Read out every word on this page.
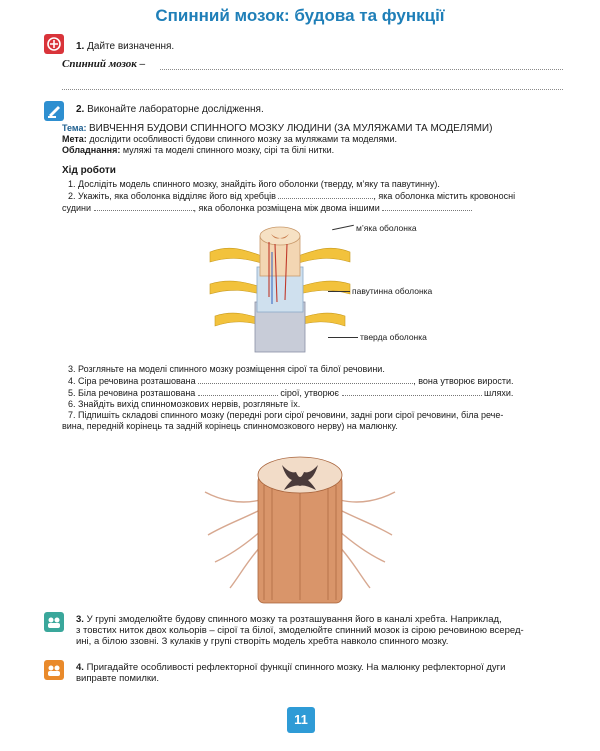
Спинний мозок: будова та функції
1. Дайте визначення.
Спинний мозок –
2. Виконайте лабораторне дослідження.

Тема: ВИВЧЕННЯ БУДОВИ СПИННОГО МОЗКУ ЛЮДИНИ (ЗА МУЛЯЖАМИ ТА МОДЕЛЯМИ)

Мета: дослідити особливості будови спинного мозку за муляжами та моделями.

Обладнання: муляжі та моделі спинного мозку, сірі та білі нитки.

Хід роботи

1. Дослідіть модель спинного мозку, знайдіть його оболонки (тверду, м’яку та павутинну).

2. Укажіть, яка оболонка відділяє його від хребців	, яка оболонка містить кровоносні

судини	, яка оболонка розміщена між двома іншими

м’яка оболонка
павутинна оболонка
тверда оболонка

3. Розгляньте на моделі спинного мозку розміщення сірої та білої речовини.

4. Сіра речовина розташована	, вона утворює вирости.

5. Біла речовина розташована	сірої, утворює	шляхи.

6. Знайдіть вихід спинномозкових нервів, розгляньте їх.

7. Підпишіть складові спинного мозку (передні роги сірої речовини, задні роги сірої речовини, біла рече-

вина, передній корінець та задній корінець спинномозкового нерву) на малюнку.

3. У групі змоделюйте будову спинного мозку та розташування його в каналі хребта. Наприклад,

з товстих ниток двох кольорів – сірої та білої, змоделюйте спинний мозок із сірою речовиною всеред-

ині, а білою ззовні. З кулаків у групі створіть модель хребта навколо спинного мозку.

4. Пригадайте особливості рефлекторної функції спинного мозку. На малюнку рефлекторної дуги

виправте помилки.

11
